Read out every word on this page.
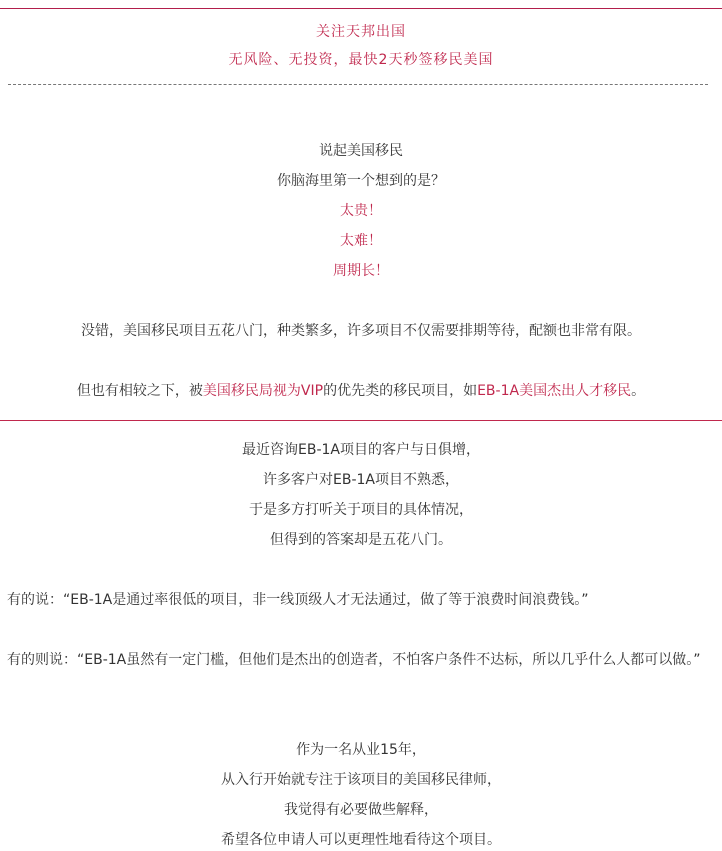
关注天邦出国
无风险、无投资，最快2天秒签移民美国
说起美国移民
你脑海里第一个想到的是？
太贵！
太难！
周期长！
没错，美国移民项目五花八门，种类繁多，许多项目不仅需要排期等待，配额也非常有限。
但也有相较之下，被美国移民局视为VIP的优先类的移民项目，如EB-1A美国杰出人才移民。
最近咨询EB-1A项目的客户与日俱增，
许多客户对EB-1A项目不熟悉，
于是多方打听关于项目的具体情况，
但得到的答案却是五花八门。
有的说：“EB-1A是通过率很低的项目，非一线顶级人才无法通过，做了等于浪费时间浪费钱。”
有的则说：“EB-1A虽然有一定门槛，但他们是杰出的创造者，不怕客户条件不达标，所以几乎什么人都可以做。”
作为一名从业15年，
从入行开始就专注于该项目的美国移民律师，
我觉得有必要做些解释，
希望各位申请人可以更理性地看待这个项目。
